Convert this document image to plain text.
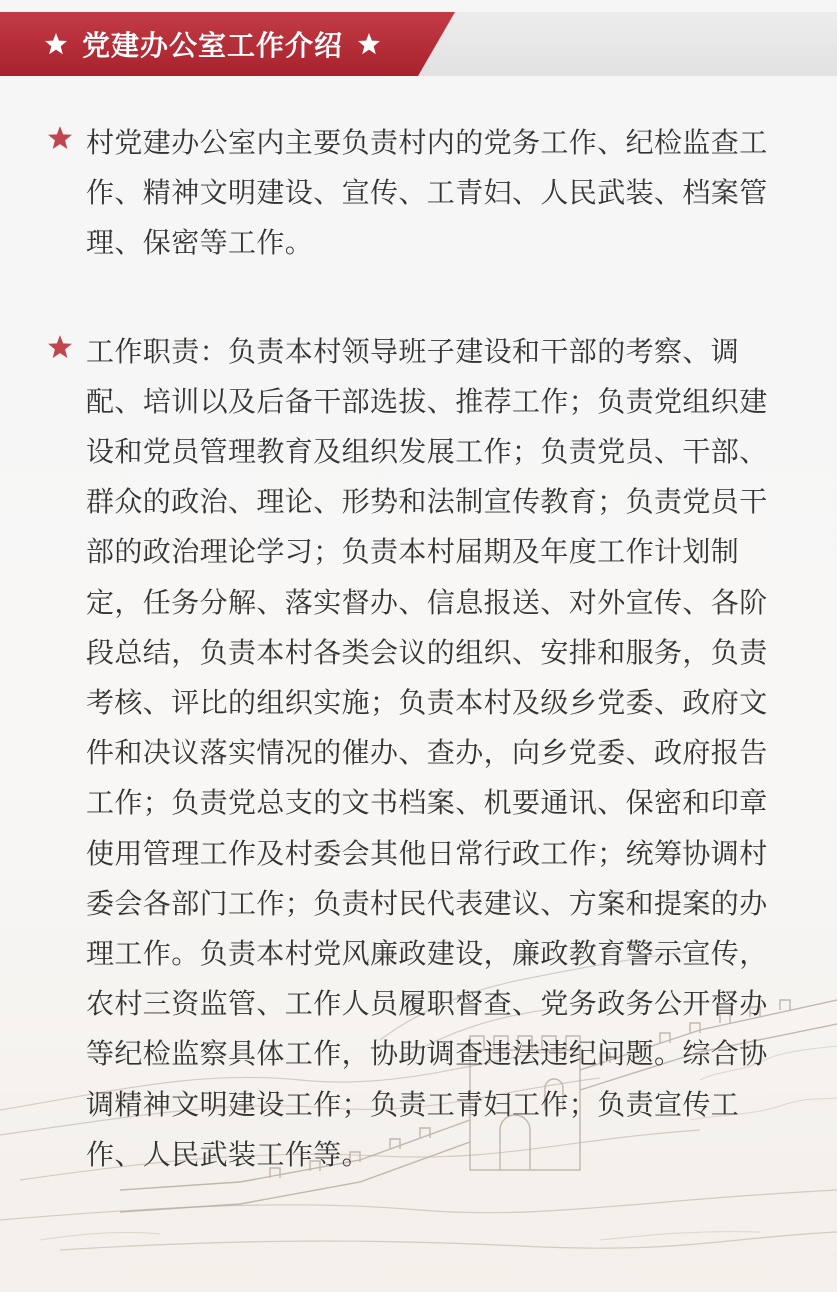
党建办公室工作介绍
村党建办公室内主要负责村内的党务工作、纪检监查工作、精神文明建设、宣传、工青妇、人民武装、档案管理、保密等工作。
工作职责：负责本村领导班子建设和干部的考察、调配、培训以及后备干部选拔、推荐工作；负责党组织建设和党员管理教育及组织发展工作；负责党员、干部、群众的政治、理论、形势和法制宣传教育；负责党员干部的政治理论学习；负责本村届期及年度工作计划制定，任务分解、落实督办、信息报送、对外宣传、各阶段总结，负责本村各类会议的组织、安排和服务，负责考核、评比的组织实施；负责本村及级乡党委、政府文件和决议落实情况的催办、查办，向乡党委、政府报告工作；负责党总支的文书档案、机要通讯、保密和印章使用管理工作及村委会其他日常行政工作；统筹协调村委会各部门工作；负责村民代表建议、方案和提案的办理工作。负责本村党风廉政建设，廉政教育警示宣传，农村三资监管、工作人员履职督查、党务政务公开督办等纪检监察具体工作，协助调查违法违纪问题。综合协调精神文明建设工作；负责工青妇工作；负责宣传工作、人民武装工作等。
